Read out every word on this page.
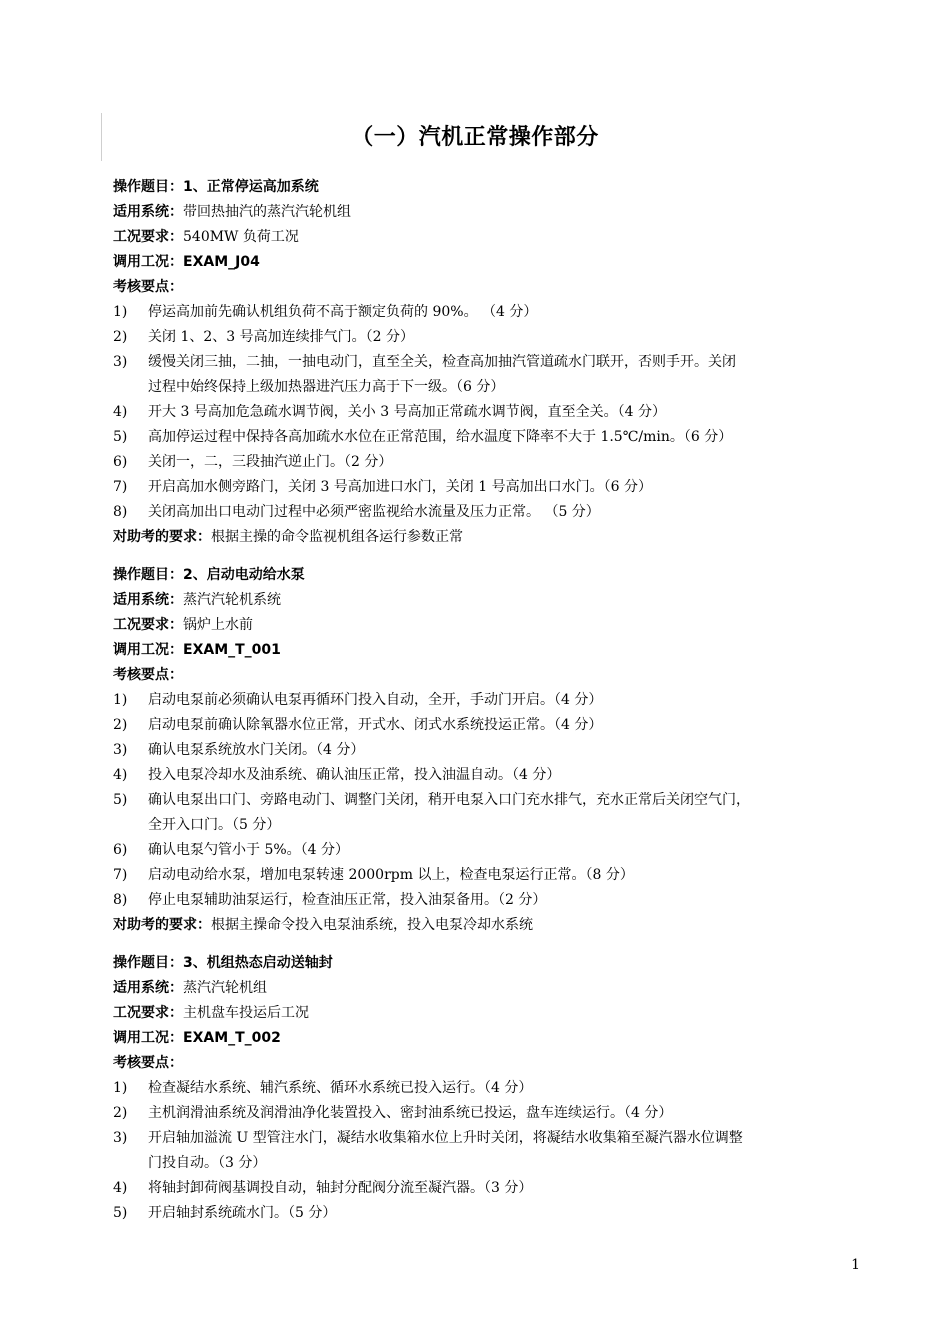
（一）汽机正常操作部分
操作题目：1、正常停运高加系统
适用系统：带回热抽汽的蒸汽汽轮机组
工况要求：540MW 负荷工况
调用工况：EXAM_J04
考核要点：
1) 停运高加前先确认机组负荷不高于额定负荷的 90%。 （4 分）
2) 关闭 1、2、3 号高加连续排气门。（2 分）
3) 缓慢关闭三抽，二抽，一抽电动门，直至全关，检查高加抽汽管道疏水门联开，否则手开。关闭
过程中始终保持上级加热器进汽压力高于下一级。（6 分）
4) 开大 3 号高加危急疏水调节阀，关小 3 号高加正常疏水调节阀，直至全关。（4 分）
5) 高加停运过程中保持各高加疏水水位在正常范围，给水温度下降率不大于 1.5℃/min。（6 分）
6) 关闭一，二，三段抽汽逆止门。（2 分）
7) 开启高加水侧旁路门，关闭 3 号高加进口水门，关闭 1 号高加出口水门。（6 分）
8) 关闭高加出口电动门过程中必须严密监视给水流量及压力正常。 （5 分）
对助考的要求：根据主操的命令监视机组各运行参数正常
操作题目：2、启动电动给水泵
适用系统：蒸汽汽轮机系统
工况要求：锅炉上水前
调用工况：EXAM_T_001
考核要点：
1) 启动电泵前必须确认电泵再循环门投入自动，全开，手动门开启。（4 分）
2) 启动电泵前确认除氧器水位正常，开式水、闭式水系统投运正常。（4 分）
3) 确认电泵系统放水门关闭。（4 分）
4) 投入电泵冷却水及油系统、确认油压正常，投入油温自动。（4 分）
5) 确认电泵出口门、旁路电动门、调整门关闭，稍开电泵入口门充水排气，充水正常后关闭空气门，
全开入口门。（5 分）
6) 确认电泵勺管小于 5%。（4 分）
7) 启动电动给水泵，增加电泵转速 2000rpm 以上，检查电泵运行正常。（8 分）
8) 停止电泵辅助油泵运行，检查油压正常，投入油泵备用。（2 分）
对助考的要求：根据主操命令投入电泵油系统，投入电泵冷却水系统
操作题目：3、机组热态启动送轴封
适用系统：蒸汽汽轮机组
工况要求：主机盘车投运后工况
调用工况：EXAM_T_002
考核要点：
1) 检查凝结水系统、辅汽系统、循环水系统已投入运行。（4 分）
2) 主机润滑油系统及润滑油净化装置投入、密封油系统已投运，盘车连续运行。（4 分）
3) 开启轴加溢流 U 型管注水门，凝结水收集箱水位上升时关闭，将凝结水收集箱至凝汽器水位调整
门投自动。（3 分）
4) 将轴封卸荷阀基调投自动，轴封分配阀分流至凝汽器。（3 分）
5) 开启轴封系统疏水门。（5 分）
1
